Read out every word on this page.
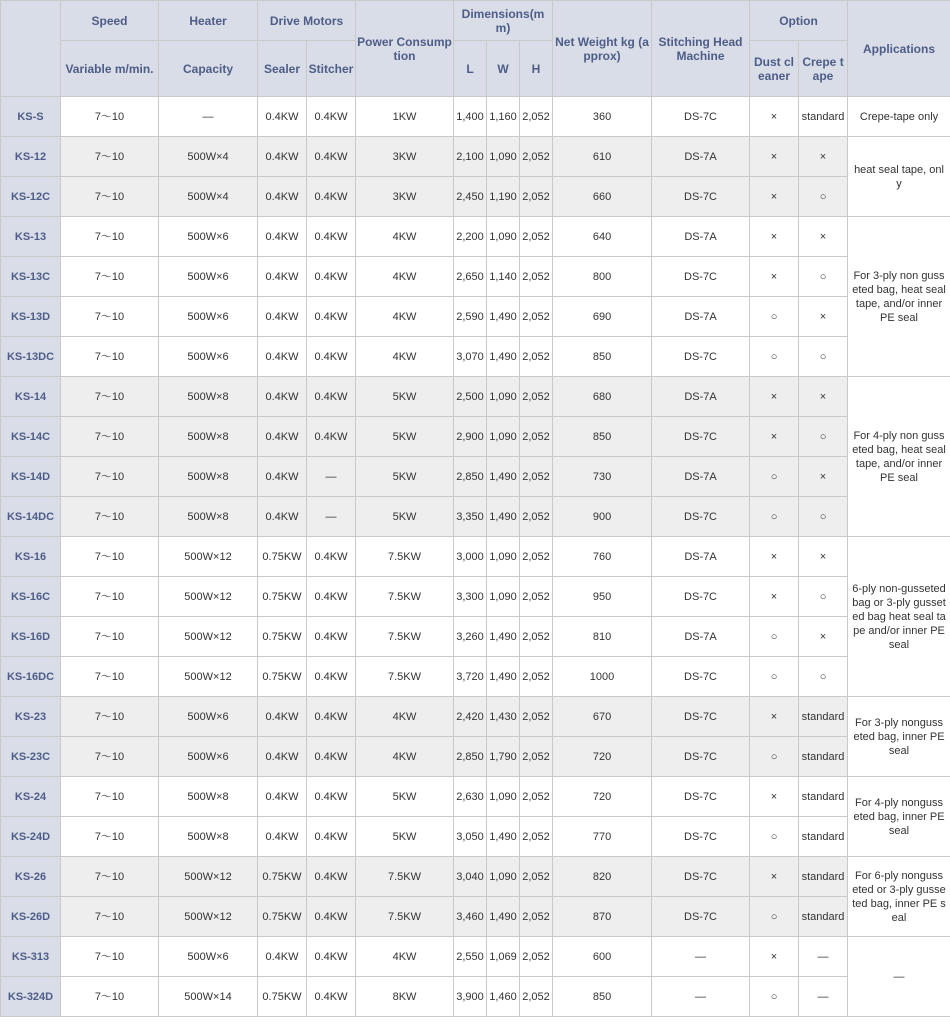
	Speed	Heater	Drive Motors		Power Consumption	Dimensions(mm)			Net Weight kg (approx)	Stitching Head Machine	Option		Applications
	Variable m/min.	Capacity	Sealer	Stitcher		L	W	H			Dust cleaner	Crepe tape	
KS-S	7～10	—	0.4KW	0.4KW	1KW	1,400	1,160	2,052	360	DS-7C	×	standard	Crepe-tape only
KS-12	7～10	500W×4	0.4KW	0.4KW	3KW	2,100	1,090	2,052	610	DS-7A	×	×	heat seal tape, only
KS-12C	7～10	500W×4	0.4KW	0.4KW	3KW	2,450	1,190	2,052	660	DS-7C	×	○	
KS-13	7～10	500W×6	0.4KW	0.4KW	4KW	2,200	1,090	2,052	640	DS-7A	×	×	For 3-ply non gusseted bag, heat seal tape, and/or inner PE seal
KS-13C	7～10	500W×6	0.4KW	0.4KW	4KW	2,650	1,140	2,052	800	DS-7C	×	○	
KS-13D	7～10	500W×6	0.4KW	0.4KW	4KW	2,590	1,490	2,052	690	DS-7A	○	×	
KS-13DC	7～10	500W×6	0.4KW	0.4KW	4KW	3,070	1,490	2,052	850	DS-7C	○	○	
KS-14	7～10	500W×8	0.4KW	0.4KW	5KW	2,500	1,090	2,052	680	DS-7A	×	×	For 4-ply non gusseted bag, heat seal tape, and/or inner PE seal
KS-14C	7～10	500W×8	0.4KW	0.4KW	5KW	2,900	1,090	2,052	850	DS-7C	×	○	
KS-14D	7～10	500W×8	0.4KW	—	5KW	2,850	1,490	2,052	730	DS-7A	○	×	
KS-14DC	7～10	500W×8	0.4KW	—	5KW	3,350	1,490	2,052	900	DS-7C	○	○	
KS-16	7～10	500W×12	0.75KW	0.4KW	7.5KW	3,000	1,090	2,052	760	DS-7A	×	×	6-ply non-gusseted bag or 3-ply gusseted bag heat seal tape and/or inner PE seal
KS-16C	7～10	500W×12	0.75KW	0.4KW	7.5KW	3,300	1,090	2,052	950	DS-7C	×	○	
KS-16D	7～10	500W×12	0.75KW	0.4KW	7.5KW	3,260	1,490	2,052	810	DS-7A	○	×	
KS-16DC	7～10	500W×12	0.75KW	0.4KW	7.5KW	3,720	1,490	2,052	1000	DS-7C	○	○	
KS-23	7～10	500W×6	0.4KW	0.4KW	4KW	2,420	1,430	2,052	670	DS-7C	×	standard	For 3-ply nongusseted bag, inner PE seal
KS-23C	7～10	500W×6	0.4KW	0.4KW	4KW	2,850	1,790	2,052	720	DS-7C	○	standard	
KS-24	7～10	500W×8	0.4KW	0.4KW	5KW	2,630	1,090	2,052	720	DS-7C	×	standard	For 4-ply nongusseted bag, inner PE seal
KS-24D	7～10	500W×8	0.4KW	0.4KW	5KW	3,050	1,490	2,052	770	DS-7C	○	standard	
KS-26	7～10	500W×12	0.75KW	0.4KW	7.5KW	3,040	1,090	2,052	820	DS-7C	×	standard	For 6-ply nongusseted or 3-ply gusseted bag, inner PE seal
KS-26D	7～10	500W×12	0.75KW	0.4KW	7.5KW	3,460	1,490	2,052	870	DS-7C	○	standard	
KS-313	7～10	500W×6	0.4KW	0.4KW	4KW	2,550	1,069	2,052	600	—	×	—	—
KS-324D	7～10	500W×14	0.75KW	0.4KW	8KW	3,900	1,460	2,052	850	—	○	—	
